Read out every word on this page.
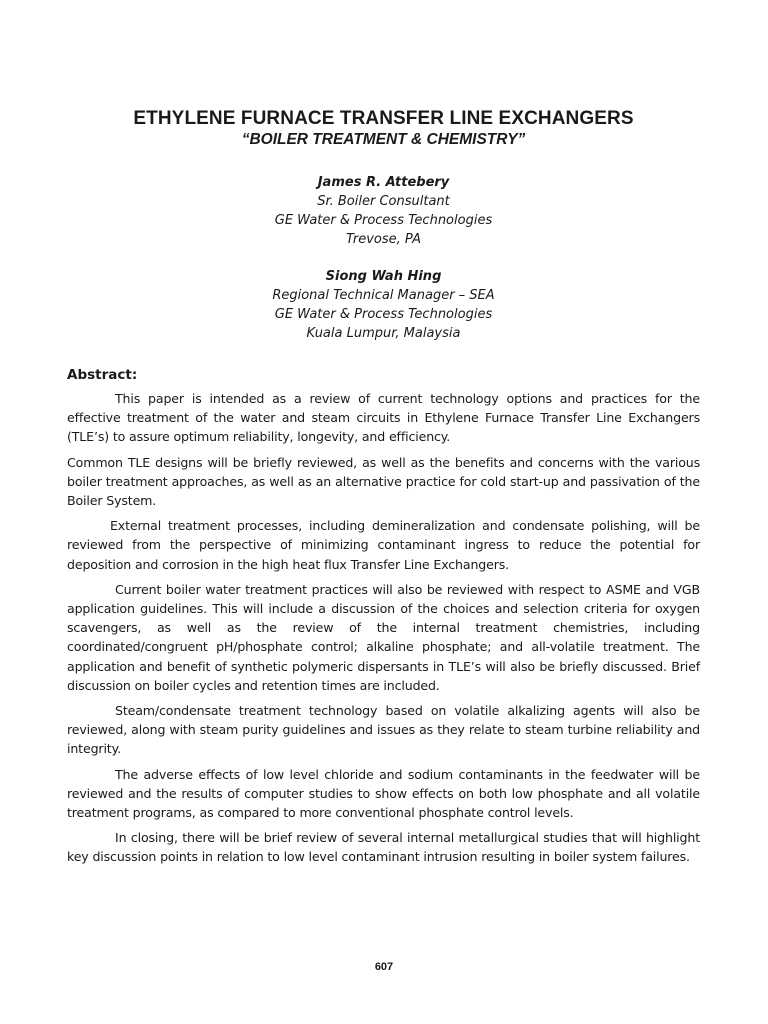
ETHYLENE FURNACE TRANSFER LINE EXCHANGERS
“BOILER TREATMENT & CHEMISTRY”
James R. Attebery
Sr. Boiler Consultant
GE Water & Process Technologies
Trevose, PA
Siong Wah Hing
Regional Technical Manager – SEA
GE Water & Process Technologies
Kuala Lumpur, Malaysia
Abstract:

This paper is intended as a review of current technology options and practices for the effective treatment of the water and steam circuits in Ethylene Furnace Transfer Line Exchangers (TLE’s) to assure optimum reliability, longevity, and efficiency.

Common TLE designs will be briefly reviewed, as well as the benefits and concerns with the various boiler treatment approaches, as well as an alternative practice for cold start-up and passivation of the Boiler System.

External treatment processes, including demineralization and condensate polishing, will be reviewed from the perspective of minimizing contaminant ingress to reduce the potential for deposition and corrosion in the high heat flux Transfer Line Exchangers.

Current boiler water treatment practices will also be reviewed with respect to ASME and VGB application guidelines. This will include a discussion of the choices and selection criteria for oxygen scavengers, as well as the review of the internal treatment chemistries, including coordinated/congruent pH/phosphate control; alkaline phosphate; and all-volatile treatment. The application and benefit of synthetic polymeric dispersants in TLE’s will also be briefly discussed. Brief discussion on boiler cycles and retention times are included.

Steam/condensate treatment technology based on volatile alkalizing agents will also be reviewed, along with steam purity guidelines and issues as they relate to steam turbine reliability and integrity.

The adverse effects of low level chloride and sodium contaminants in the feedwater will be reviewed and the results of computer studies to show effects on both low phosphate and all volatile treatment programs, as compared to more conventional phosphate control levels.

In closing, there will be brief review of several internal metallurgical studies that will highlight key discussion points in relation to low level contaminant intrusion resulting in boiler system failures.

607
